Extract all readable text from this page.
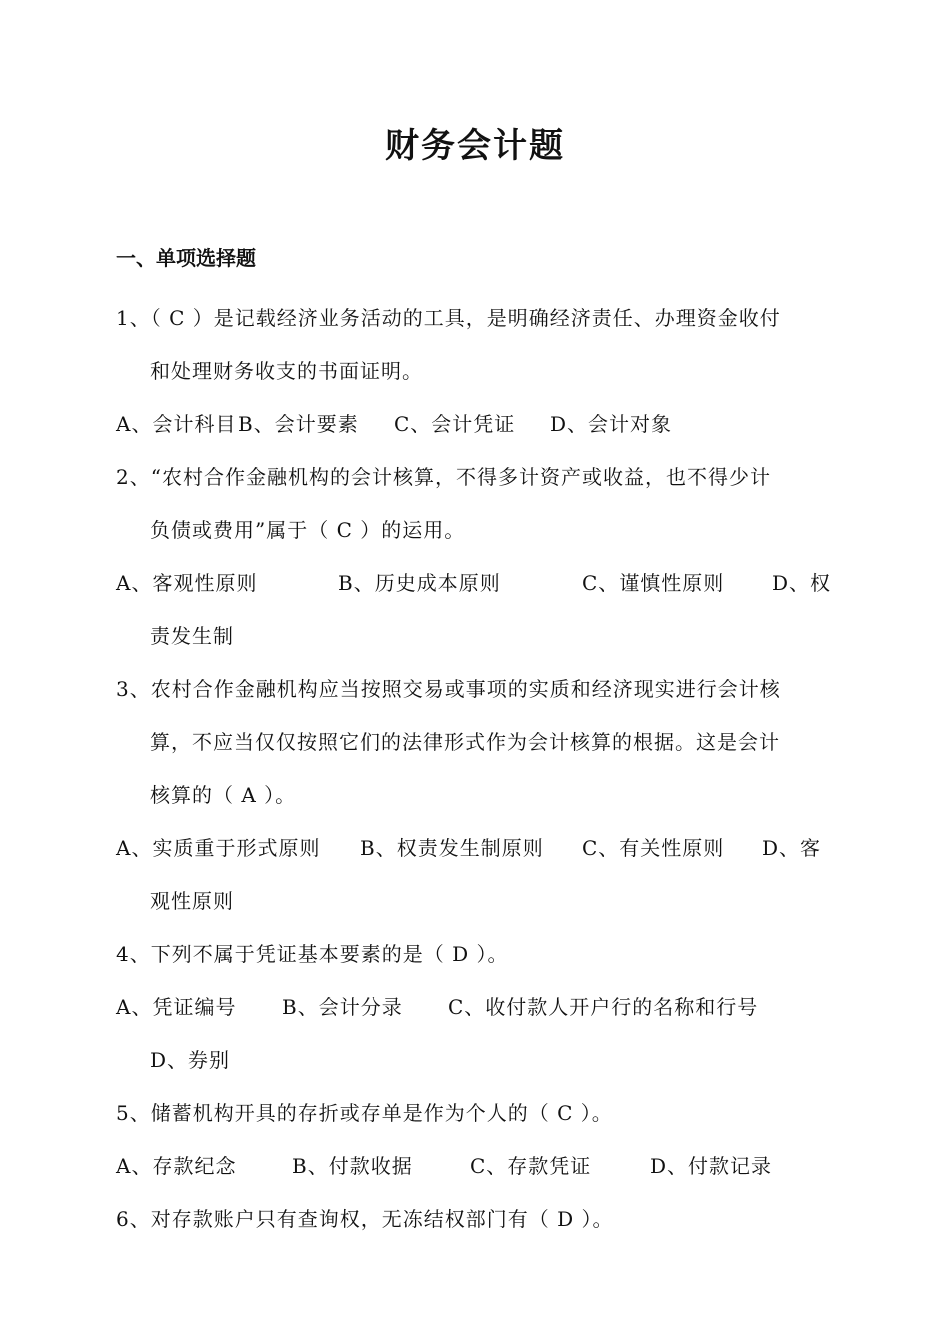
财务会计题
一、单项选择题
1、（ C ）是记载经济业务活动的工具，是明确经济责任、办理资金收付
和处理财务收支的书面证明。
A、会计科目 B、会计要素	C、会计凭证	D、会计对象
2、“农村合作金融机构的会计核算，不得多计资产或收益，也不得少计
负债或费用”属于（ C ）的运用。
A、客观性原则	B、历史成本原则	C、谨慎性原则	D、权
责发生制
3、农村合作金融机构应当按照交易或事项的实质和经济现实进行会计核
算，不应当仅仅按照它们的法律形式作为会计核算的根据。这是会计
核算的（ A ）。
A、实质重于形式原则	B、权责发生制原则	C、有关性原则	D、客
观性原则
4、下列不属于凭证基本要素的是（ D ）。
A、凭证编号	B、会计分录	C、收付款人开户行的名称和行号
D、券别
5、储蓄机构开具的存折或存单是作为个人的（ C ）。
A、存款纪念	B、付款收据	C、存款凭证	D、付款记录
6、对存款账户只有查询权，无冻结权部门有（ D ）。
